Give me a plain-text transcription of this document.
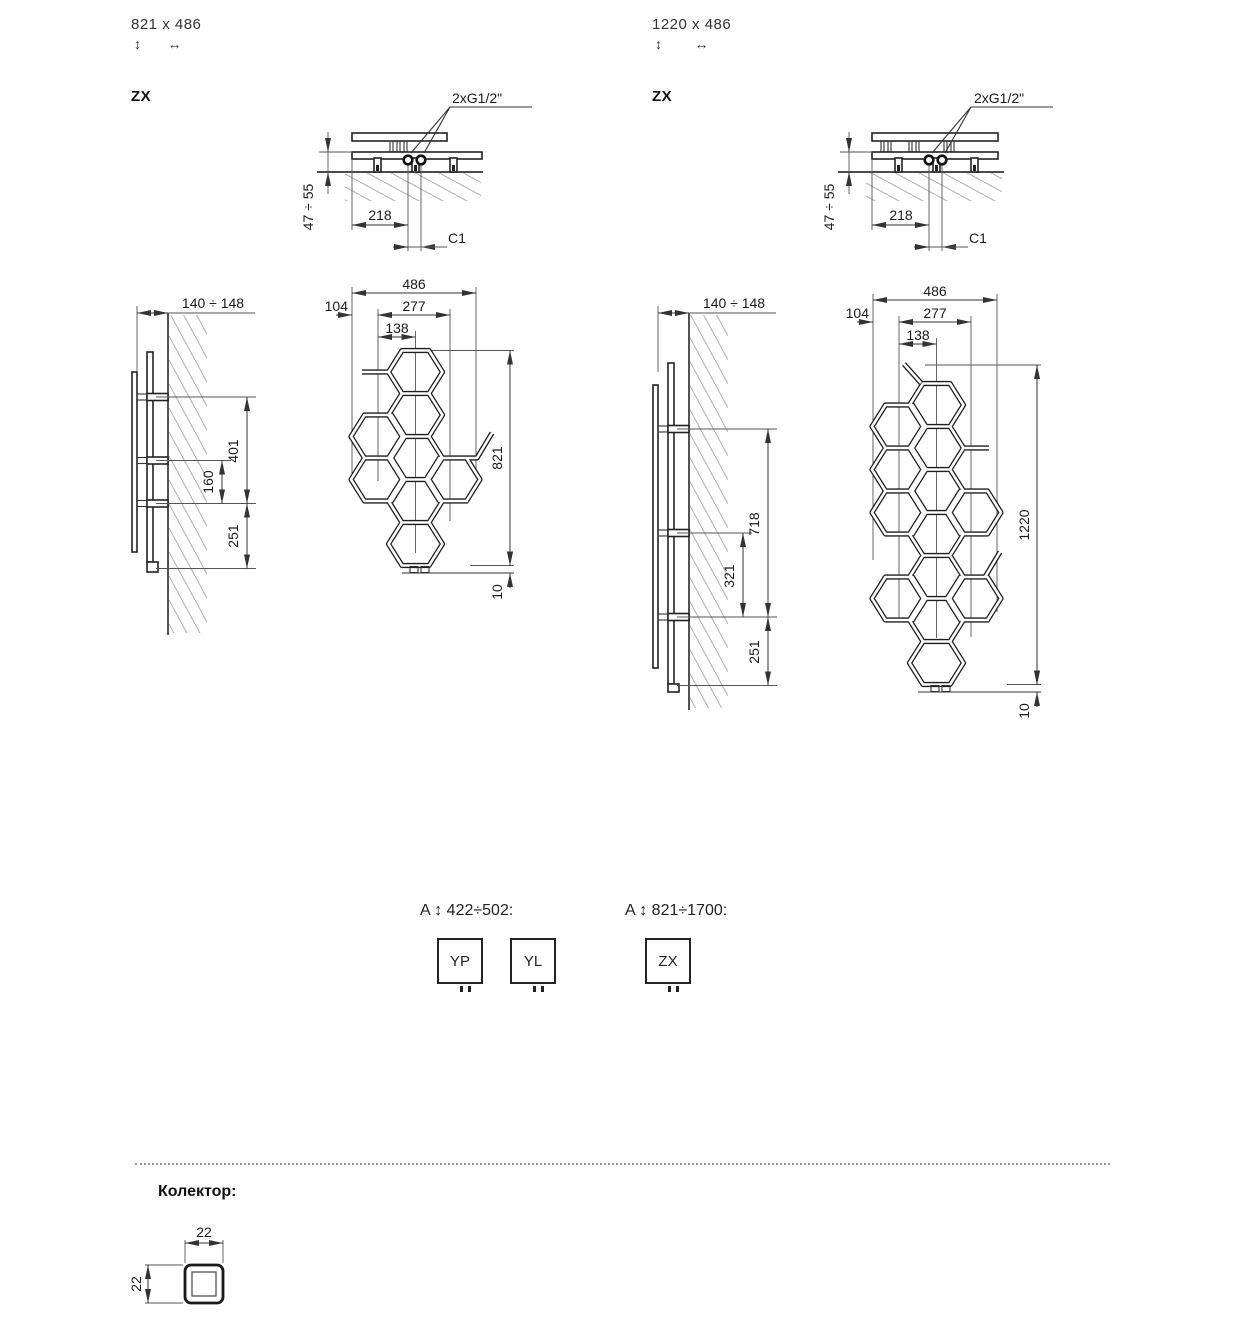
821 x 486
↕ ↔
ZX
1220 x 486
↕ ↔
ZX
2xG1/2"	2xG1/2"
47 ÷ 55	47 ÷ 55
218	218
C1	C1
140 ÷ 148	140 ÷ 148
401
160
251
718
321
251
486	486
104	104
277	277
138	138
821
1220
10
10
22
22
A ↕ 422÷502:
YP	YL
A ↕ 821÷1700:
ZX
Колектор:
